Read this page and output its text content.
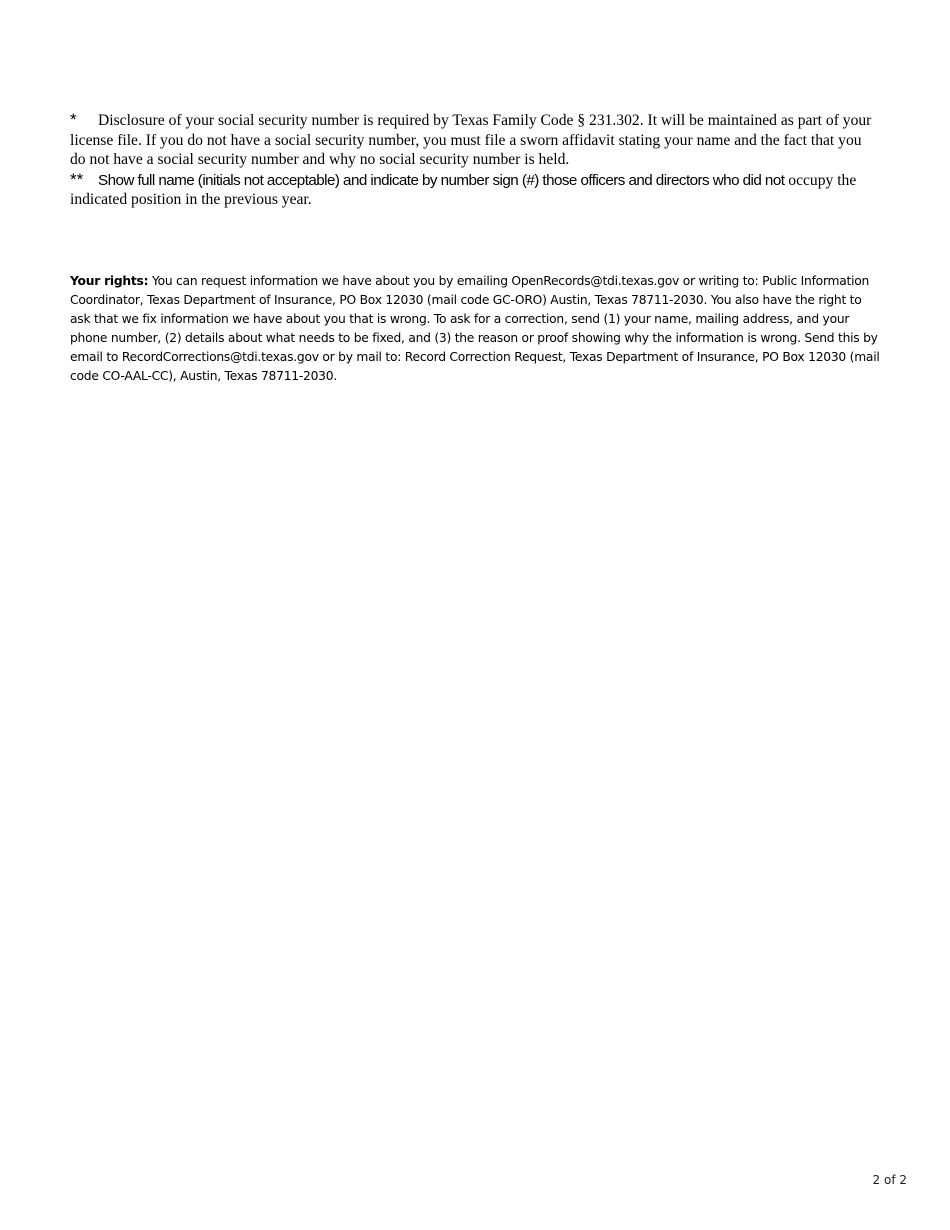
* Disclosure of your social security number is required by Texas Family Code § 231.302. It will be maintained as part of your license file. If you do not have a social security number, you must file a sworn affidavit stating your name and the fact that you do not have a social security number and why no social security number is held.

** Show full name (initials not acceptable) and indicate by number sign (#) those officers and directors who did not occupy the indicated position in the previous year.

Your rights: You can request information we have about you by emailing OpenRecords@tdi.texas.gov or writing to: Public Information Coordinator, Texas Department of Insurance, PO Box 12030 (mail code GC-ORO) Austin, Texas 78711-2030. You also have the right to ask that we fix information we have about you that is wrong. To ask for a correction, send (1) your name, mailing address, and your phone number, (2) details about what needs to be fixed, and (3) the reason or proof showing why the information is wrong. Send this by email to RecordCorrections@tdi.texas.gov or by mail to: Record Correction Request, Texas Department of Insurance, PO Box 12030 (mail code CO-AAL-CC), Austin, Texas 78711-2030.

2 of 2
